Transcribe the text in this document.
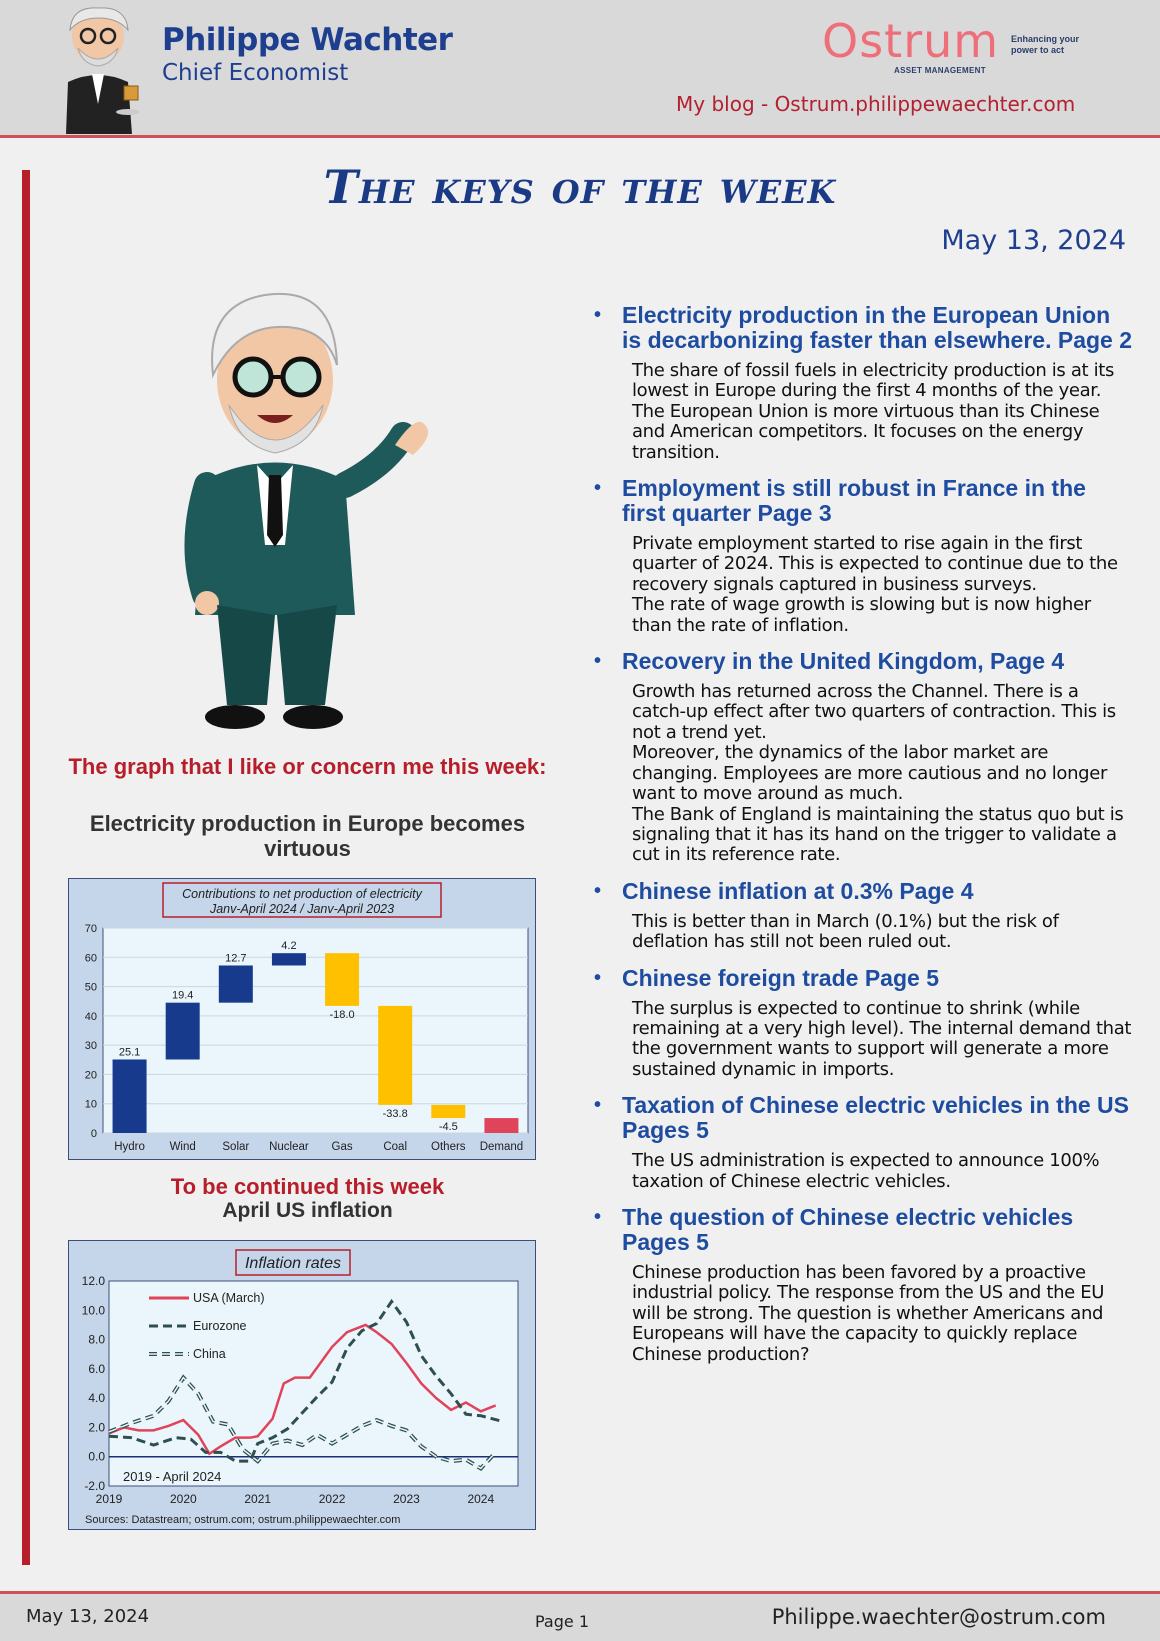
Philippe Wachter
Chief Economist
Ostrum
ASSET MANAGEMENT
Enhancing your power to act
My blog - Ostrum.philippewaechter.com
The keys of the week
May 13, 2024
The graph that I like or concern me this week:
Electricity production in Europe becomes virtuous
Contributions to net production of electricity
Janv-April 2024 / Janv-April 2023
0
10
20
30
40
50
60
70
25.1
Hydro
19.4
Wind
12.7
Solar
4.2
Nuclear
-18.0
Gas
-33.8
Coal
-4.5
Others Demand
To be continued this week
April US inflation
Inflation rates
-2.0
0.0
2.0
4.0
6.0
8.0
10.0
12.0
2019	2020	2021	2022	2023	2024
USA (March)
Eurozone
China
2019 - April 2024
Sources: Datastream; ostrum.com; ostrum.philippewaechter.com
• Electricity production in the European Union is decarbonizing faster than elsewhere. Page 2

The share of fossil fuels in electricity production is at its lowest in Europe during the first 4 months of the year. The European Union is more virtuous than its Chinese and American competitors. It focuses on the energy transition.

• Employment is still robust in France in the first quarter Page 3

Private employment started to rise again in the first quarter of 2024. This is expected to continue due to the recovery signals captured in business surveys.

The rate of wage growth is slowing but is now higher than the rate of inflation.

• Recovery in the United Kingdom, Page 4

Growth has returned across the Channel. There is a catch-up effect after two quarters of contraction. This is not a trend yet.

Moreover, the dynamics of the labor market are changing. Employees are more cautious and no longer want to move around as much.

The Bank of England is maintaining the status quo but is signaling that it has its hand on the trigger to validate a cut in its reference rate.

• Chinese inflation at 0.3% Page 4

This is better than in March (0.1%) but the risk of deflation has still not been ruled out.

• Chinese foreign trade Page 5

The surplus is expected to continue to shrink (while remaining at a very high level). The internal demand that the government wants to support will generate a more sustained dynamic in imports.

• Taxation of Chinese electric vehicles in the US Pages 5

The US administration is expected to announce 100% taxation of Chinese electric vehicles.

• The question of Chinese electric vehicles Pages 5

Chinese production has been favored by a proactive industrial policy. The response from the US and the EU will be strong. The question is whether Americans and Europeans will have the capacity to quickly replace Chinese production?

May 13, 2024	Page 1	Philippe.waechter@ostrum.com
